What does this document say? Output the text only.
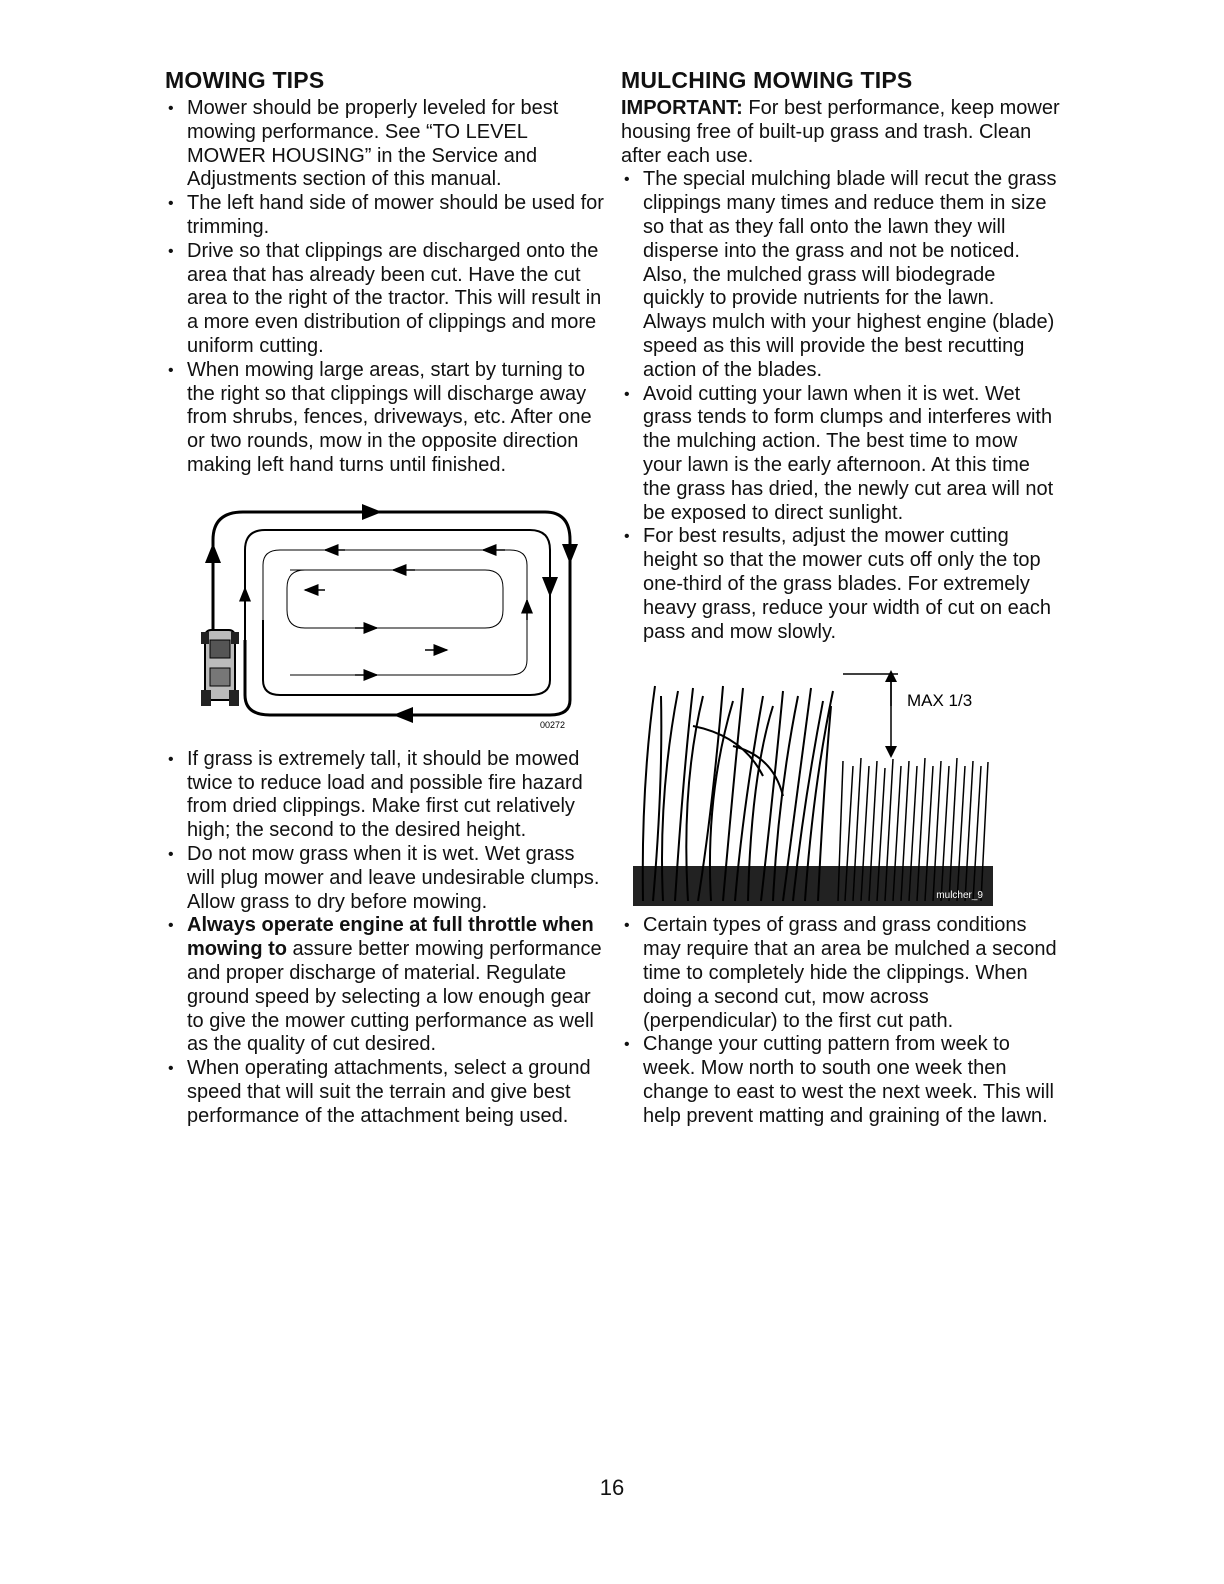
MOWING TIPS
• Mower should be properly leveled for best mowing performance. See “TO LEVEL MOWER HOUSING” in the Service and Adjustments section of this manual.
• The left hand side of mower should be used for trimming.
• Drive so that clippings are discharged onto the area that has already been cut. Have the cut area to the right of the tractor. This will result in a more even distribution of clippings and more uniform cutting.
• When mowing large areas, start by turning to the right so that clippings will discharge away from shrubs, fences, driveways, etc. After one or two rounds, mow in the opposite direction making left hand turns until finished.
00272
• If grass is extremely tall, it should be mowed twice to reduce load and possible fire hazard from dried clippings. Make first cut relatively high; the second to the desired height.
• Do not mow grass when it is wet. Wet grass will plug mower and leave undesirable clumps. Allow grass to dry before mowing.
• Always operate engine at full throttle when mowing to assure better mowing performance and proper discharge of material. Regulate ground speed by selecting a low enough gear to give the mower cutting performance as well as the quality of cut desired.
• When operating attachments, select a ground speed that will suit the terrain and give best performance of the attachment being used.
MULCHING MOWING TIPS

IMPORTANT: For best performance, keep mower housing free of built-up grass and trash. Clean after each use.

• The special mulching blade will recut the grass clippings many times and reduce them in size so that as they fall onto the lawn they will disperse into the grass and not be noticed. Also, the mulched grass will biodegrade quickly to provide nutrients for the lawn. Always mulch with your highest engine (blade) speed as this will provide the best recutting action of the blades.
• Avoid cutting your lawn when it is wet. Wet grass tends to form clumps and interferes with the mulching action. The best time to mow your lawn is the early afternoon. At this time the grass has dried, the newly cut area will not be exposed to direct sunlight.
• For best results, adjust the mower cutting height so that the mower cuts off only the top one-third of the grass blades. For extremely heavy grass, reduce your width of cut on each pass and mow slowly.
MAX 1/3
mulcher_9
• Certain types of grass and grass conditions may require that an area be mulched a second time to completely hide the clippings. When doing a second cut, mow across (perpendicular) to the first cut path.
• Change your cutting pattern from week to week. Mow north to south one week then change to east to west the next week. This will help prevent matting and graining of the lawn.
16
